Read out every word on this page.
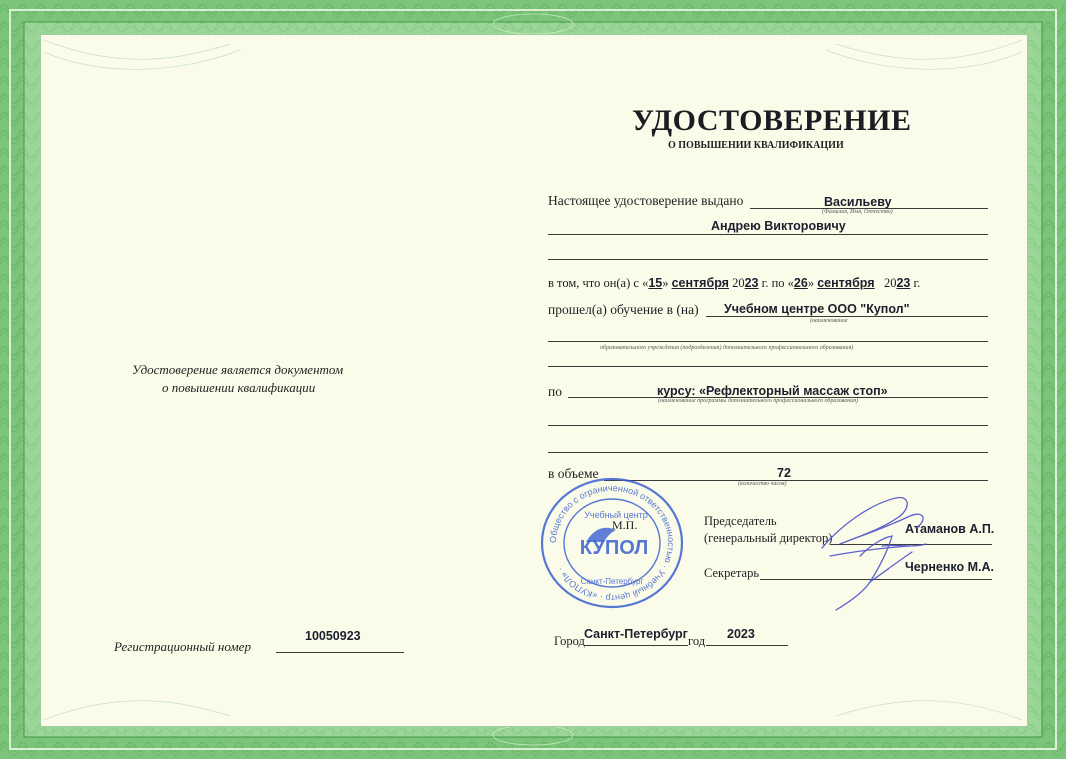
УДОСТОВЕРЕНИЕ
О ПОВЫШЕНИИ КВАЛИФИКАЦИИ
Удостоверение является документом
о повышении квалификации
Регистрационный номер
10050923
Настоящее удостоверение выдано	Васильеву
(Фамилия, Имя, Отчество)
Андрею Викторовичу
в том, что он(а) с «15» сентября 2023 г. по «26» сентября 2023 г.
прошел(а) обучение в (на) Учебном центре ООО "Купол"
(наименование
образовательного учреждения (подразделения) дополнительного профессионального образования)
по	курсу: «Рефлекторный массаж стоп»
(наименование программы дополнительного профессионального образования)
в объеме	72
(количество часов)
Общество с ограниченной ответственностью · Учебный центр · «КУПОЛ» ·
Учебный центр
КУПОЛ
Санкт-Петербург
М.П.	Председатель
(генеральный директор)
Атаманов А.П.
Секретарь	Черненко М.А.
Город Санкт-Петербург год 2023
